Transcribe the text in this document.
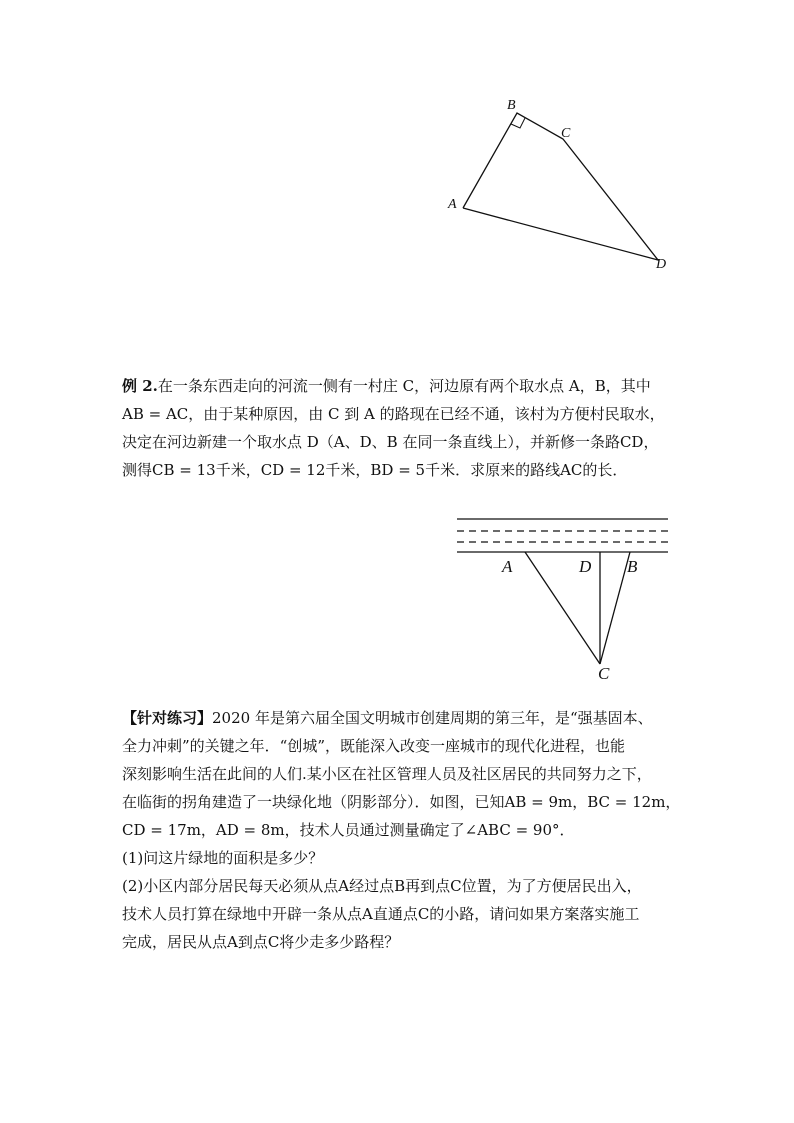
B
C
A
D
例 2.在一条东西走向的河流一侧有一村庄 C，河边原有两个取水点 A，B，其中
AB = AC，由于某种原因，由 C 到 A 的路现在已经不通，该村为方便村民取水，
决定在河边新建一个取水点 D（A、D、B 在同一条直线上），并新修一条路CD，
测得CB = 13千米，CD = 12千米，BD = 5千米．求原来的路线AC的长．
A	D B
C
【针对练习】2020 年是第六届全国文明城市创建周期的第三年，是“强基固本、
全力冲刺”的关键之年．“创城”，既能深入改变一座城市的现代化进程，也能
深刻影响生活在此间的人们.某小区在社区管理人员及社区居民的共同努力之下，
在临街的拐角建造了一块绿化地（阴影部分）．如图，已知AB = 9m，BC = 12m，
CD = 17m，AD = 8m，技术人员通过测量确定了∠ABC = 90°．
(1)问这片绿地的面积是多少？
(2)小区内部分居民每天必须从点A经过点B再到点C位置，为了方便居民出入，
技术人员打算在绿地中开辟一条从点A直通点C的小路，请问如果方案落实施工
完成，居民从点A到点C将少走多少路程？
